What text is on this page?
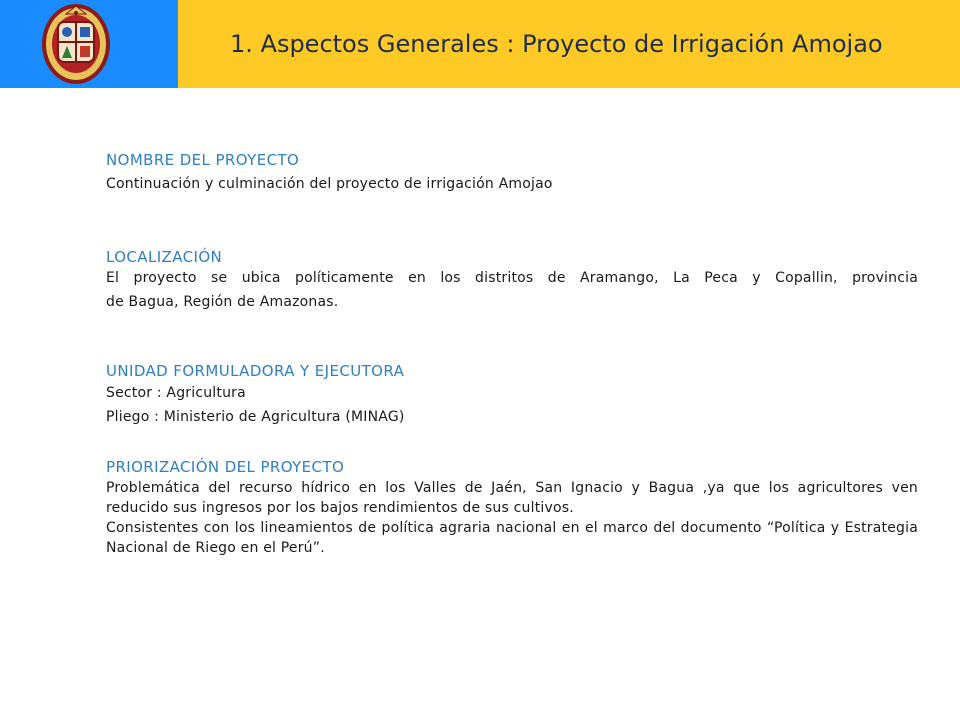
1. Aspectos Generales : Proyecto de Irrigación Amojao
NOMBRE DEL PROYECTO
Continuación y culminación del proyecto de irrigación Amojao
LOCALIZACIÓN
El proyecto se ubica políticamente en los distritos de Aramango, La Peca y Copallin, provincia
de Bagua, Región de Amazonas.
UNIDAD FORMULADORA Y EJECUTORA
Sector : Agricultura
Pliego : Ministerio de Agricultura (MINAG)
PRIORIZACIÓN DEL PROYECTO
Problemática del recurso hídrico en los Valles de Jaén, San Ignacio y Bagua ,ya que los agricultores ven reducido sus ingresos por los bajos rendimientos de sus cultivos.
Consistentes con los lineamientos de política agraria nacional en el marco del documento “Política y Estrategia Nacional de Riego en el Perú”.
